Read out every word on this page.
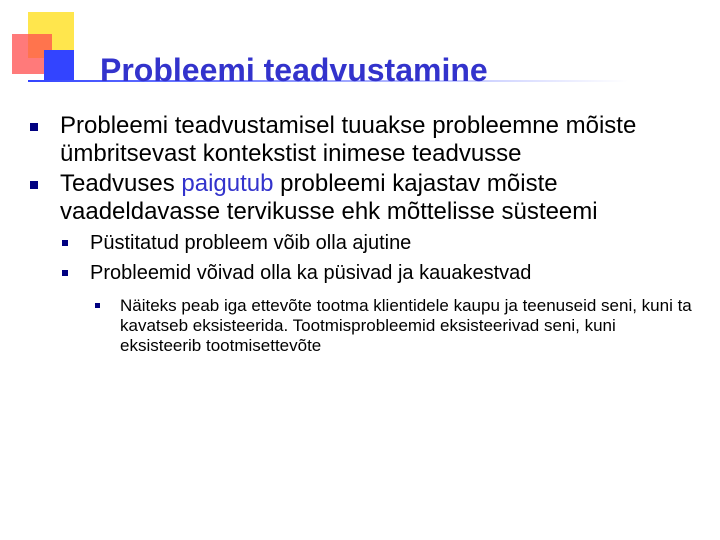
Probleemi teadvustamine
Probleemi teadvustamisel tuuakse probleemne mõiste ümbritsevast kontekstist inimese teadvusse
Teadvuses paigutub probleemi kajastav mõiste vaadeldavasse tervikusse ehk mõttelisse süsteemi
Püstitatud probleem võib olla ajutine
Probleemid võivad olla ka püsivad ja kauakestvad
Näiteks peab iga ettevõte tootma klientidele kaupu ja teenuseid seni, kuni ta kavatseb eksisteerida. Tootmisprobleemid eksisteerivad seni, kuni eksisteerib tootmisettevõte
